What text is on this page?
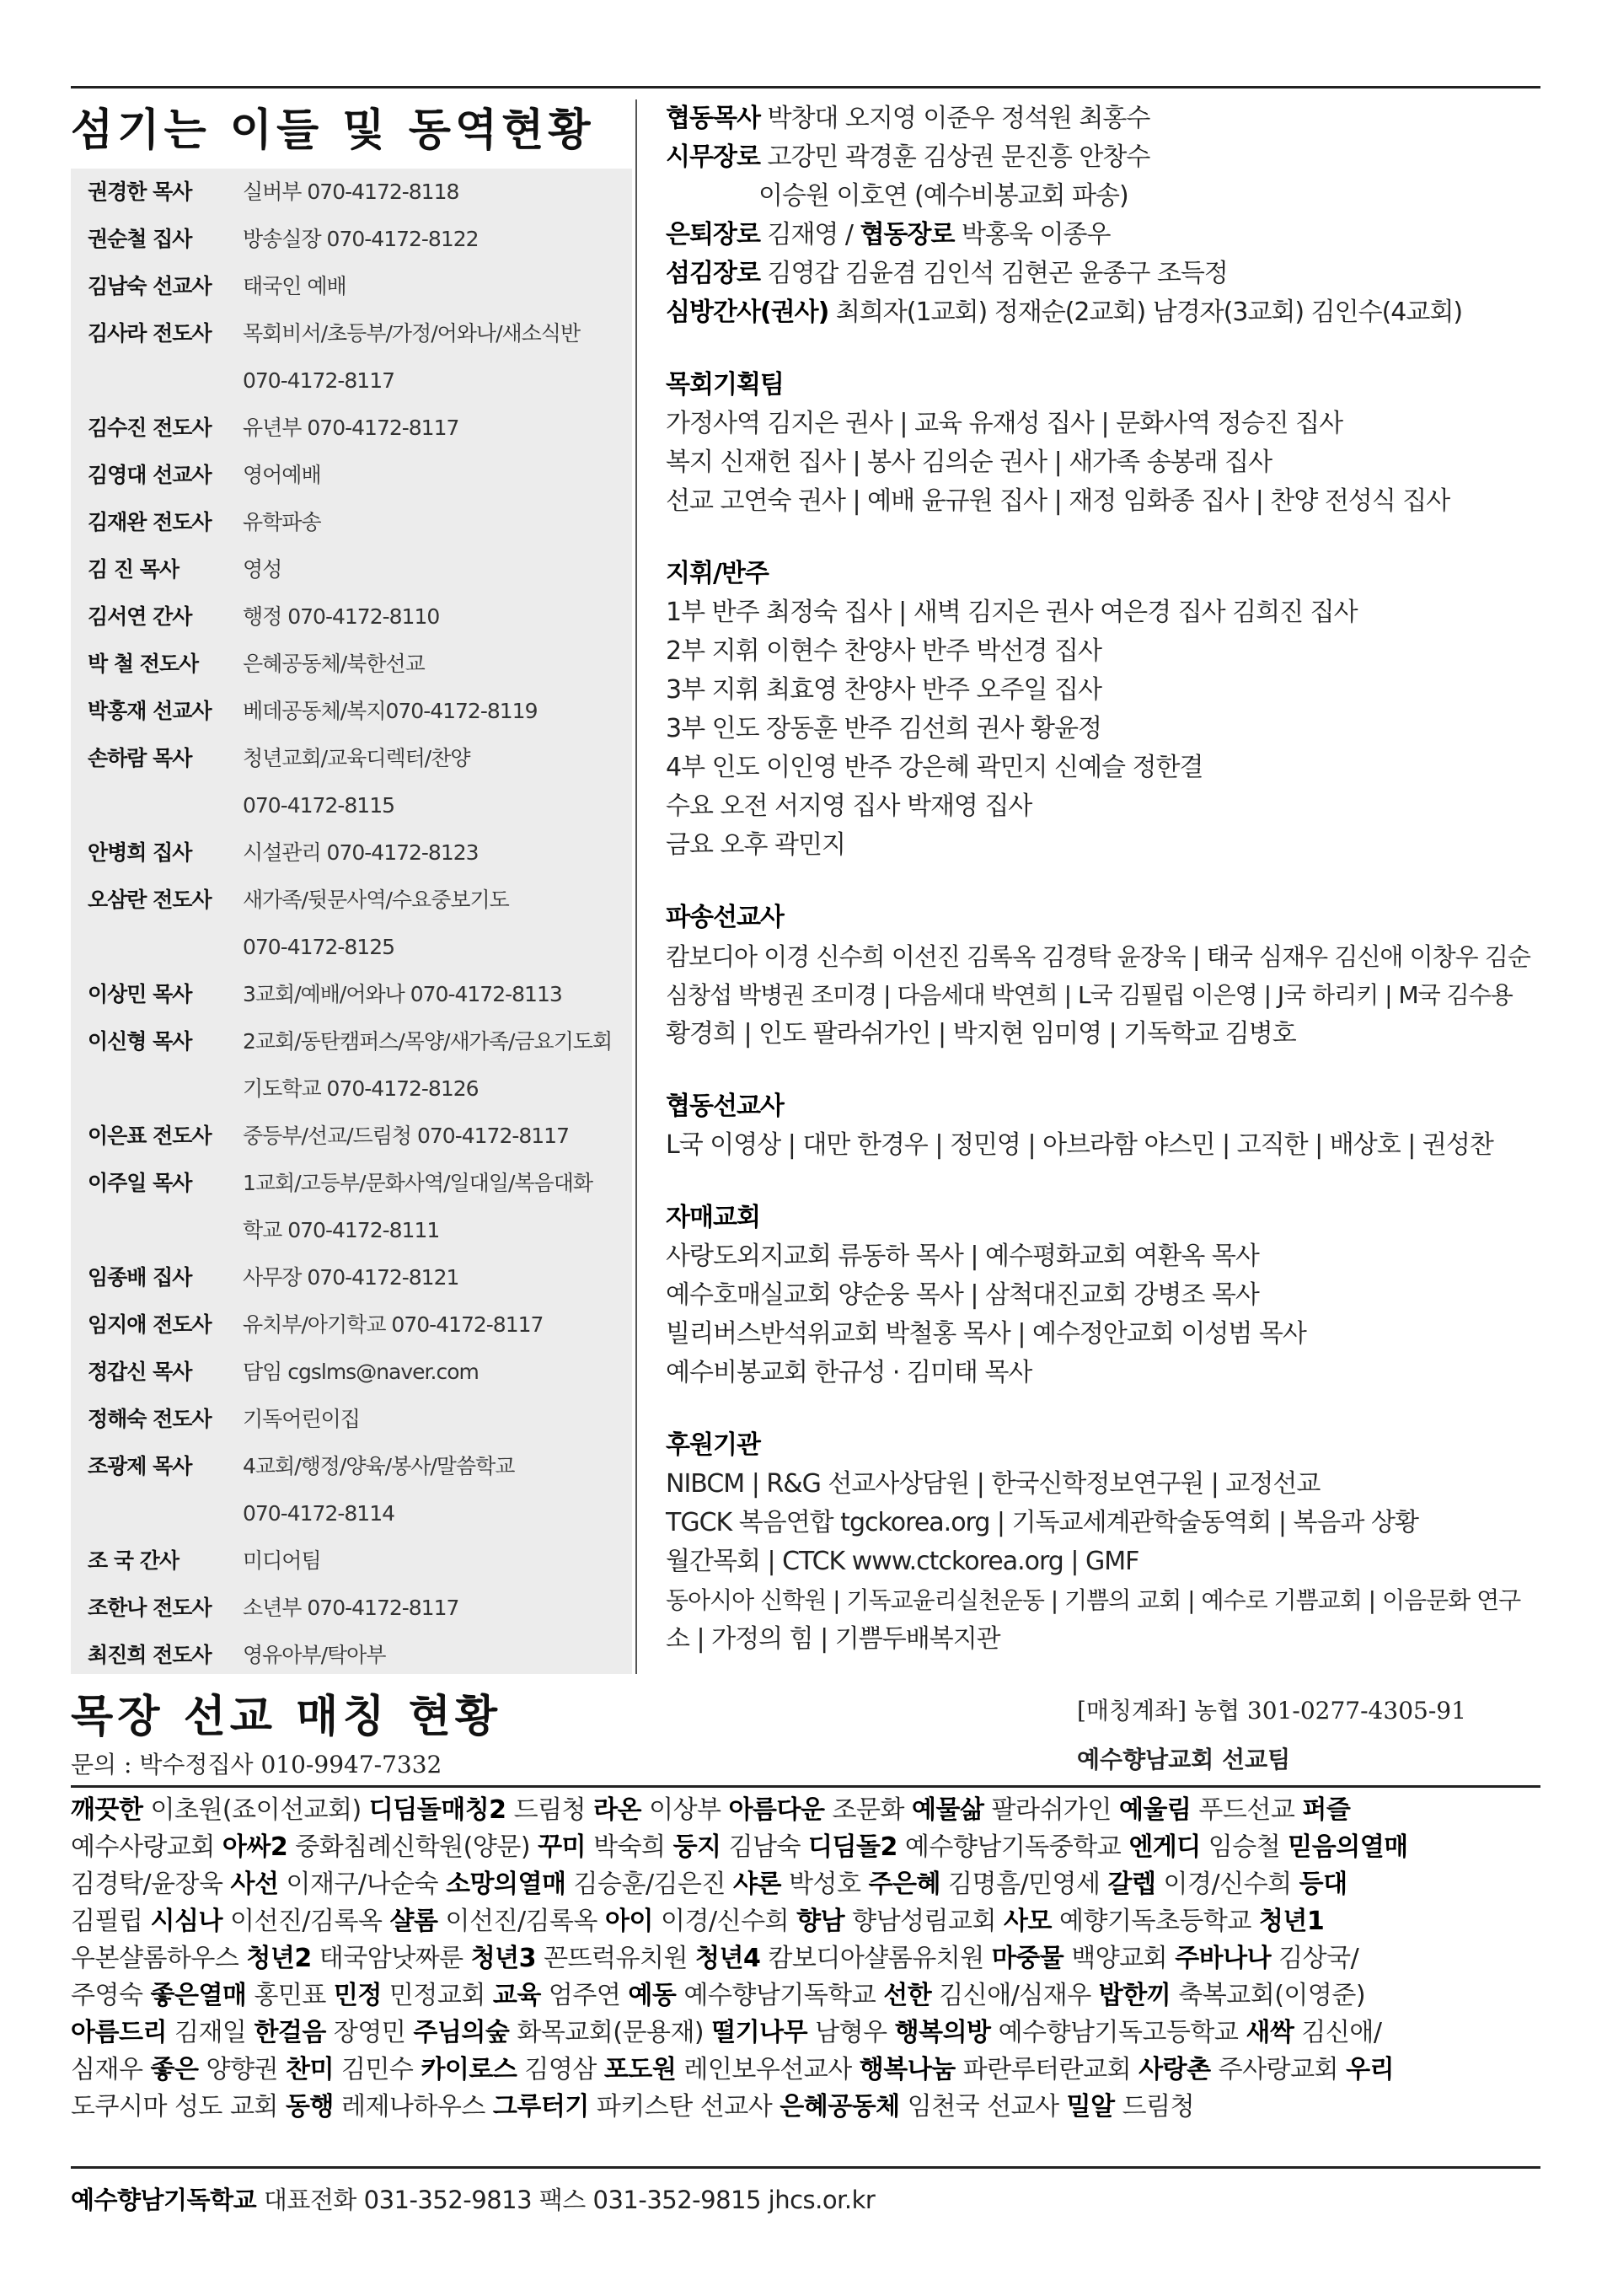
섬기는 이들 및 동역현황
권경한 목사	실버부 070-4172-8118
권순철 집사	방송실장 070-4172-8122
김남숙 선교사	태국인 예배
김사라 전도사	목회비서/초등부/가정/어와나/새소식반
070-4172-8117
김수진 전도사	유년부 070-4172-8117
김영대 선교사	영어예배
김재완 전도사	유학파송
김 진 목사	영성
김서연 간사	행정 070-4172-8110
박 철 전도사	은혜공동체/북한선교
박홍재 선교사	베데공동체/복지070-4172-8119
손하람 목사	청년교회/교육디렉터/찬양
070-4172-8115
안병희 집사	시설관리 070-4172-8123
오삼란 전도사	새가족/뒷문사역/수요중보기도
070-4172-8125
이상민 목사	3교회/예배/어와나 070-4172-8113
이신형 목사	2교회/동탄캠퍼스/목양/새가족/금요기도회
기도학교 070-4172-8126
이은표 전도사	중등부/선교/드림청 070-4172-8117
이주일 목사	1교회/고등부/문화사역/일대일/복음대화
학교 070-4172-8111
임종배 집사	사무장 070-4172-8121
임지애 전도사	유치부/아기학교 070-4172-8117
정갑신 목사	담임 cgslms@naver.com
정해숙 전도사	기독어린이집
조광제 목사	4교회/행정/양육/봉사/말씀학교
070-4172-8114
조 국 간사	미디어팀
조한나 전도사	소년부 070-4172-8117
최진희 전도사	영유아부/탁아부
협동목사 박창대 오지영 이준우 정석원 최홍수
시무장로 고강민 곽경훈 김상권 문진흥 안창수
이승원 이호연 (예수비봉교회 파송)
은퇴장로 김재영 / 협동장로 박홍욱 이종우
섬김장로 김영갑 김윤겸 김인석 김현곤 윤종구 조득정
심방간사(권사) 최희자(1교회) 정재순(2교회) 남경자(3교회) 김인수(4교회)
목회기획팀
가정사역 김지은 권사 | 교육 유재성 집사 | 문화사역 정승진 집사
복지 신재헌 집사 | 봉사 김의순 권사 | 새가족 송봉래 집사
선교 고연숙 권사 | 예배 윤규원 집사 | 재정 임화종 집사 | 찬양 전성식 집사
지휘/반주
1부 반주 최정숙 집사 | 새벽 김지은 권사 여은경 집사 김희진 집사
2부 지휘 이현수 찬양사 반주 박선경 집사
3부 지휘 최효영 찬양사 반주 오주일 집사
3부 인도 장동훈 반주 김선희 권사 황윤정
4부 인도 이인영 반주 강은혜 곽민지 신예슬 정한결
수요 오전 서지영 집사 박재영 집사
금요 오후 곽민지
파송선교사
캄보디아 이경 신수희 이선진 김록옥 김경탁 윤장욱 | 태국 심재우 김신애 이창우 김순
심창섭 박병권 조미경 | 다음세대 박연희 | L국 김필립 이은영 | J국 하리키 | M국 김수용
황경희 | 인도 팔라쉬가인 | 박지현 임미영 | 기독학교 김병호
협동선교사
L국 이영상 | 대만 한경우 | 정민영 | 아브라함 야스민 | 고직한 | 배상호 | 권성찬
자매교회
사랑도외지교회 류동하 목사 | 예수평화교회 여환옥 목사
예수호매실교회 양순웅 목사 | 삼척대진교회 강병조 목사
빌리버스반석위교회 박철홍 목사 | 예수정안교회 이성범 목사
예수비봉교회 한규성 · 김미태 목사
후원기관
NIBCM | R&G 선교사상담원 | 한국신학정보연구원 | 교정선교
TGCK 복음연합 tgckorea.org | 기독교세계관학술동역회 | 복음과 상황
월간목회 | CTCK www.ctckorea.org | GMF
동아시아 신학원 | 기독교윤리실천운동 | 기쁨의 교회 | 예수로 기쁨교회 | 이음문화 연구
소 | 가정의 힘 | 기쁨두배복지관
목장 선교 매칭 현황
문의 : 박수정집사 010-9947-7332
[매칭계좌] 농협 301-0277-4305-91
예수향남교회 선교팀
깨끗한 이초원(죠이선교회) 디딤돌매칭2 드림청 라온 이상부 아름다운 조문화 예물삶 팔라쉬가인 예울림 푸드선교 퍼즐
예수사랑교회 아싸2 중화침례신학원(양문) 꾸미 박숙희 둥지 김남숙 디딤돌2 예수향남기독중학교 엔게디 임승철 믿음의열매
김경탁/윤장욱 사선 이재구/나순숙 소망의열매 김승훈/김은진 샤론 박성호 주은혜 김명흠/민영세 갈렙 이경/신수희 등대
김필립 시심나 이선진/김록옥 샬롬 이선진/김록옥 아이 이경/신수희 향남 향남성림교회 사모 예향기독초등학교 청년1
우본샬롬하우스 청년2 태국암낫짜룬 청년3 꼰뜨럭유치원 청년4 캄보디아샬롬유치원 마중물 백양교회 주바나나 김상국/
주영숙 좋은열매 홍민표 민정 민정교회 교육 엄주연 예동 예수향남기독학교 선한 김신애/심재우 밥한끼 축복교회(이영준)
아름드리 김재일 한걸음 장영민 주님의숲 화목교회(문용재) 떨기나무 남형우 행복의방 예수향남기독고등학교 새싹 김신애/
심재우 좋은 양향권 찬미 김민수 카이로스 김영삼 포도원 레인보우선교사 행복나눔 파란루터란교회 사랑촌 주사랑교회 우리
도쿠시마 성도 교회 동행 레제나하우스 그루터기 파키스탄 선교사 은혜공동체 임천국 선교사 밀알 드림청
예수향남기독학교 대표전화 031-352-9813 팩스 031-352-9815 jhcs.or.kr
